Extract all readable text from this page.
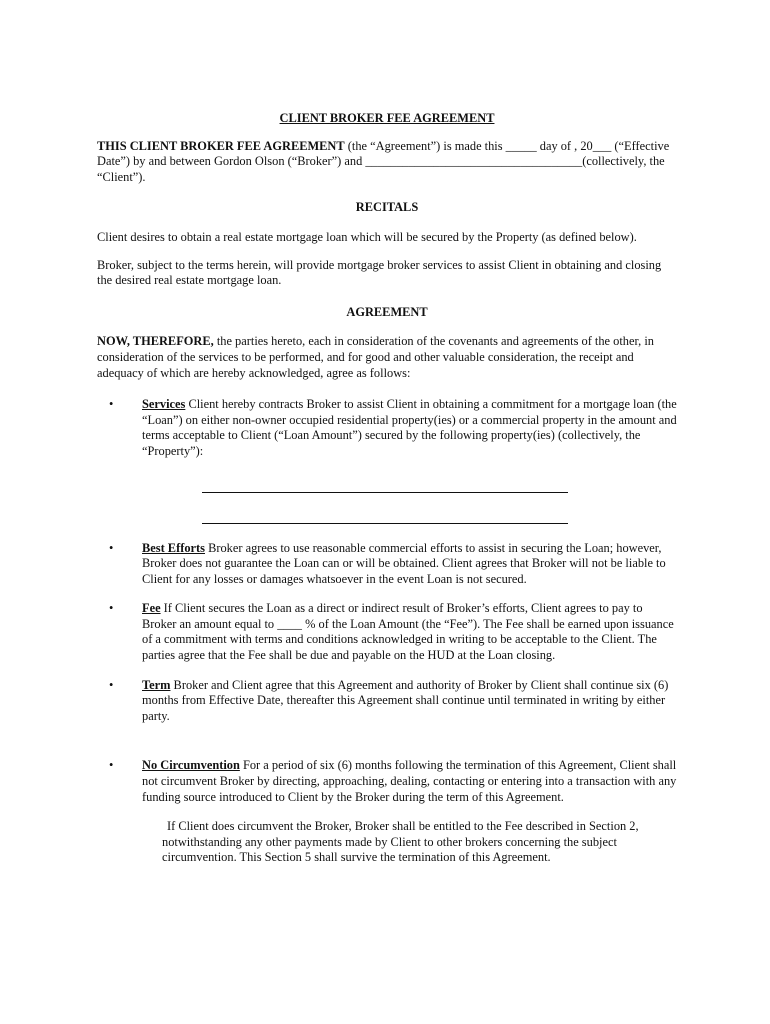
CLIENT BROKER FEE AGREEMENT

THIS CLIENT BROKER FEE AGREEMENT (the “Agreement”) is made this _____ day of , 20___ (“Effective Date”) by and between Gordon Olson (“Broker”) and ___________________________________(collectively, the “Client”).

RECITALS

Client desires to obtain a real estate mortgage loan which will be secured by the Property (as defined below).

Broker, subject to the terms herein, will provide mortgage broker services to assist Client in obtaining and closing the desired real estate mortgage loan.

AGREEMENT

NOW, THEREFORE, the parties hereto, each in consideration of the covenants and agreements of the other, in consideration of the services to be performed, and for good and other valuable consideration, the receipt and adequacy of which are hereby acknowledged, agree as follows:

• Services Client hereby contracts Broker to assist Client in obtaining a commitment for a mortgage loan (the “Loan”) on either non-owner occupied residential property(ies) or a commercial property in the amount and terms acceptable to Client (“Loan Amount”) secured by the following property(ies) (collectively, the “Property”):
• Best Efforts Broker agrees to use reasonable commercial efforts to assist in securing the Loan; however, Broker does not guarantee the Loan can or will be obtained. Client agrees that Broker will not be liable to Client for any losses or damages whatsoever in the event Loan is not secured.
• Fee If Client secures the Loan as a direct or indirect result of Broker’s efforts, Client agrees to pay to Broker an amount equal to ____ % of the Loan Amount (the “Fee”). The Fee shall be earned upon issuance of a commitment with terms and conditions acknowledged in writing to be acceptable to the Client. The parties agree that the Fee shall be due and payable on the HUD at the Loan closing.
• Term Broker and Client agree that this Agreement and authority of Broker by Client shall continue six (6) months from Effective Date, thereafter this Agreement shall continue until terminated in writing by either party.
• No Circumvention For a period of six (6) months following the termination of this Agreement, Client shall not circumvent Broker by directing, approaching, dealing, contacting or entering into a transaction with any funding source introduced to Client by the Broker during the term of this Agreement.

If Client does circumvent the Broker, Broker shall be entitled to the Fee described in Section 2, notwithstanding any other payments made by Client to other brokers concerning the subject circumvention. This Section 5 shall survive the termination of this Agreement.
